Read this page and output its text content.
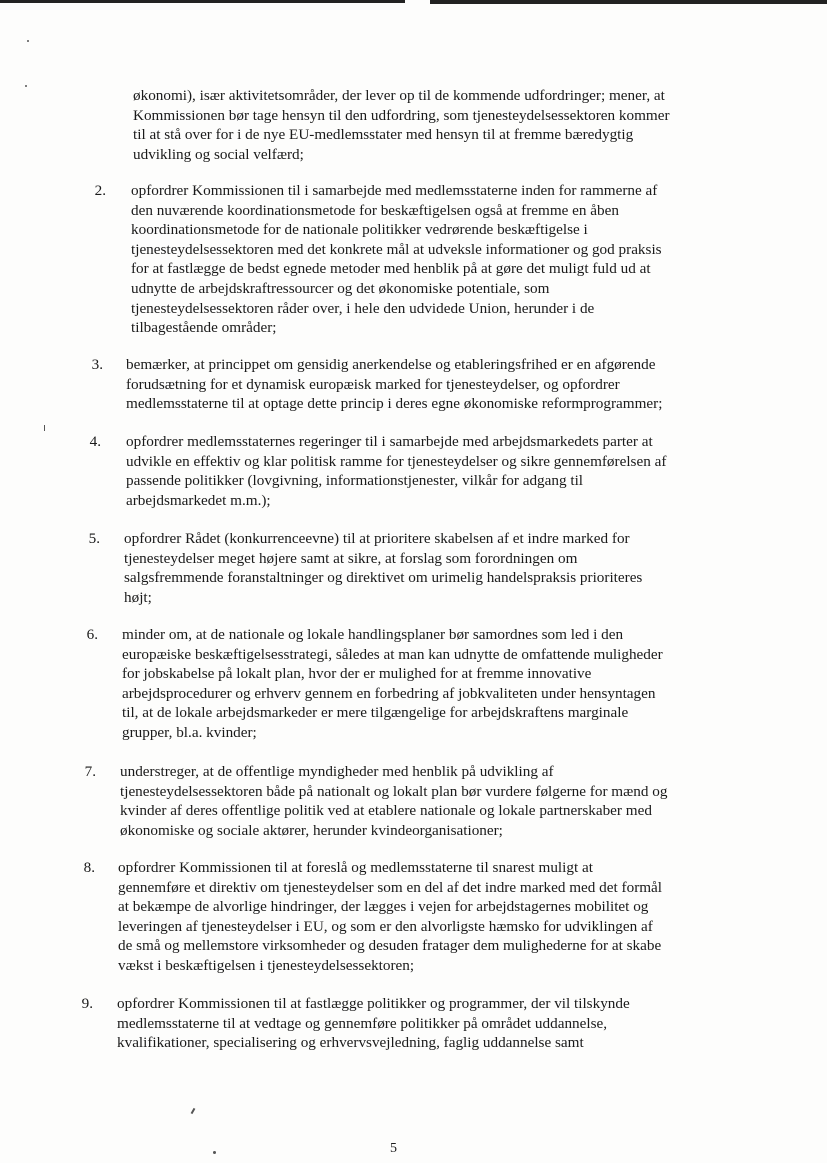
økonomi), især aktivitetsområder, der lever op til de kommende udfordringer; mener, at
Kommissionen bør tage hensyn til den udfordring, som tjenesteydelsessektoren kommer
til at stå over for i de nye EU-medlemsstater med hensyn til at fremme bæredygtig
udvikling og social velfærd;
2. opfordrer Kommissionen til i samarbejde med medlemsstaterne inden for rammerne af
den nuværende koordinationsmetode for beskæftigelsen også at fremme en åben
koordinationsmetode for de nationale politikker vedrørende beskæftigelse i
tjenesteydelsessektoren med det konkrete mål at udveksle informationer og god praksis
for at fastlægge de bedst egnede metoder med henblik på at gøre det muligt fuld ud at
udnytte de arbejdskraftressourcer og det økonomiske potentiale, som
tjenesteydelsessektoren råder over, i hele den udvidede Union, herunder i de
tilbagestående områder;
3. bemærker, at princippet om gensidig anerkendelse og etableringsfrihed er en afgørende
forudsætning for et dynamisk europæisk marked for tjenesteydelser, og opfordrer
medlemsstaterne til at optage dette princip i deres egne økonomiske reformprogrammer;
4. opfordrer medlemsstaternes regeringer til i samarbejde med arbejdsmarkedets parter at
udvikle en effektiv og klar politisk ramme for tjenesteydelser og sikre gennemførelsen af
passende politikker (lovgivning, informationstjenester, vilkår for adgang til
arbejdsmarkedet m.m.);
5. opfordrer Rådet (konkurrenceevne) til at prioritere skabelsen af et indre marked for
tjenesteydelser meget højere samt at sikre, at forslag som forordningen om
salgsfremmende foranstaltninger og direktivet om urimelig handelspraksis prioriteres
højt;
6. minder om, at de nationale og lokale handlingsplaner bør samordnes som led i den
europæiske beskæftigelsesstrategi, således at man kan udnytte de omfattende muligheder
for jobskabelse på lokalt plan, hvor der er mulighed for at fremme innovative
arbejdsprocedurer og erhverv gennem en forbedring af jobkvaliteten under hensyntagen
til, at de lokale arbejdsmarkeder er mere tilgængelige for arbejdskraftens marginale
grupper, bl.a. kvinder;
7. understreger, at de offentlige myndigheder med henblik på udvikling af
tjenesteydelsessektoren både på nationalt og lokalt plan bør vurdere følgerne for mænd og
kvinder af deres offentlige politik ved at etablere nationale og lokale partnerskaber med
økonomiske og sociale aktører, herunder kvindeorganisationer;
8. opfordrer Kommissionen til at foreslå og medlemsstaterne til snarest muligt at
gennemføre et direktiv om tjenesteydelser som en del af det indre marked med det formål
at bekæmpe de alvorlige hindringer, der lægges i vejen for arbejdstagernes mobilitet og
leveringen af tjenesteydelser i EU, og som er den alvorligste hæmsko for udviklingen af
de små og mellemstore virksomheder og desuden fratager dem mulighederne for at skabe
vækst i beskæftigelsen i tjenesteydelsessektoren;
9. opfordrer Kommissionen til at fastlægge politikker og programmer, der vil tilskynde
medlemsstaterne til at vedtage og gennemføre politikker på området uddannelse,
kvalifikationer, specialisering og erhvervsvejledning, faglig uddannelse samt
5
